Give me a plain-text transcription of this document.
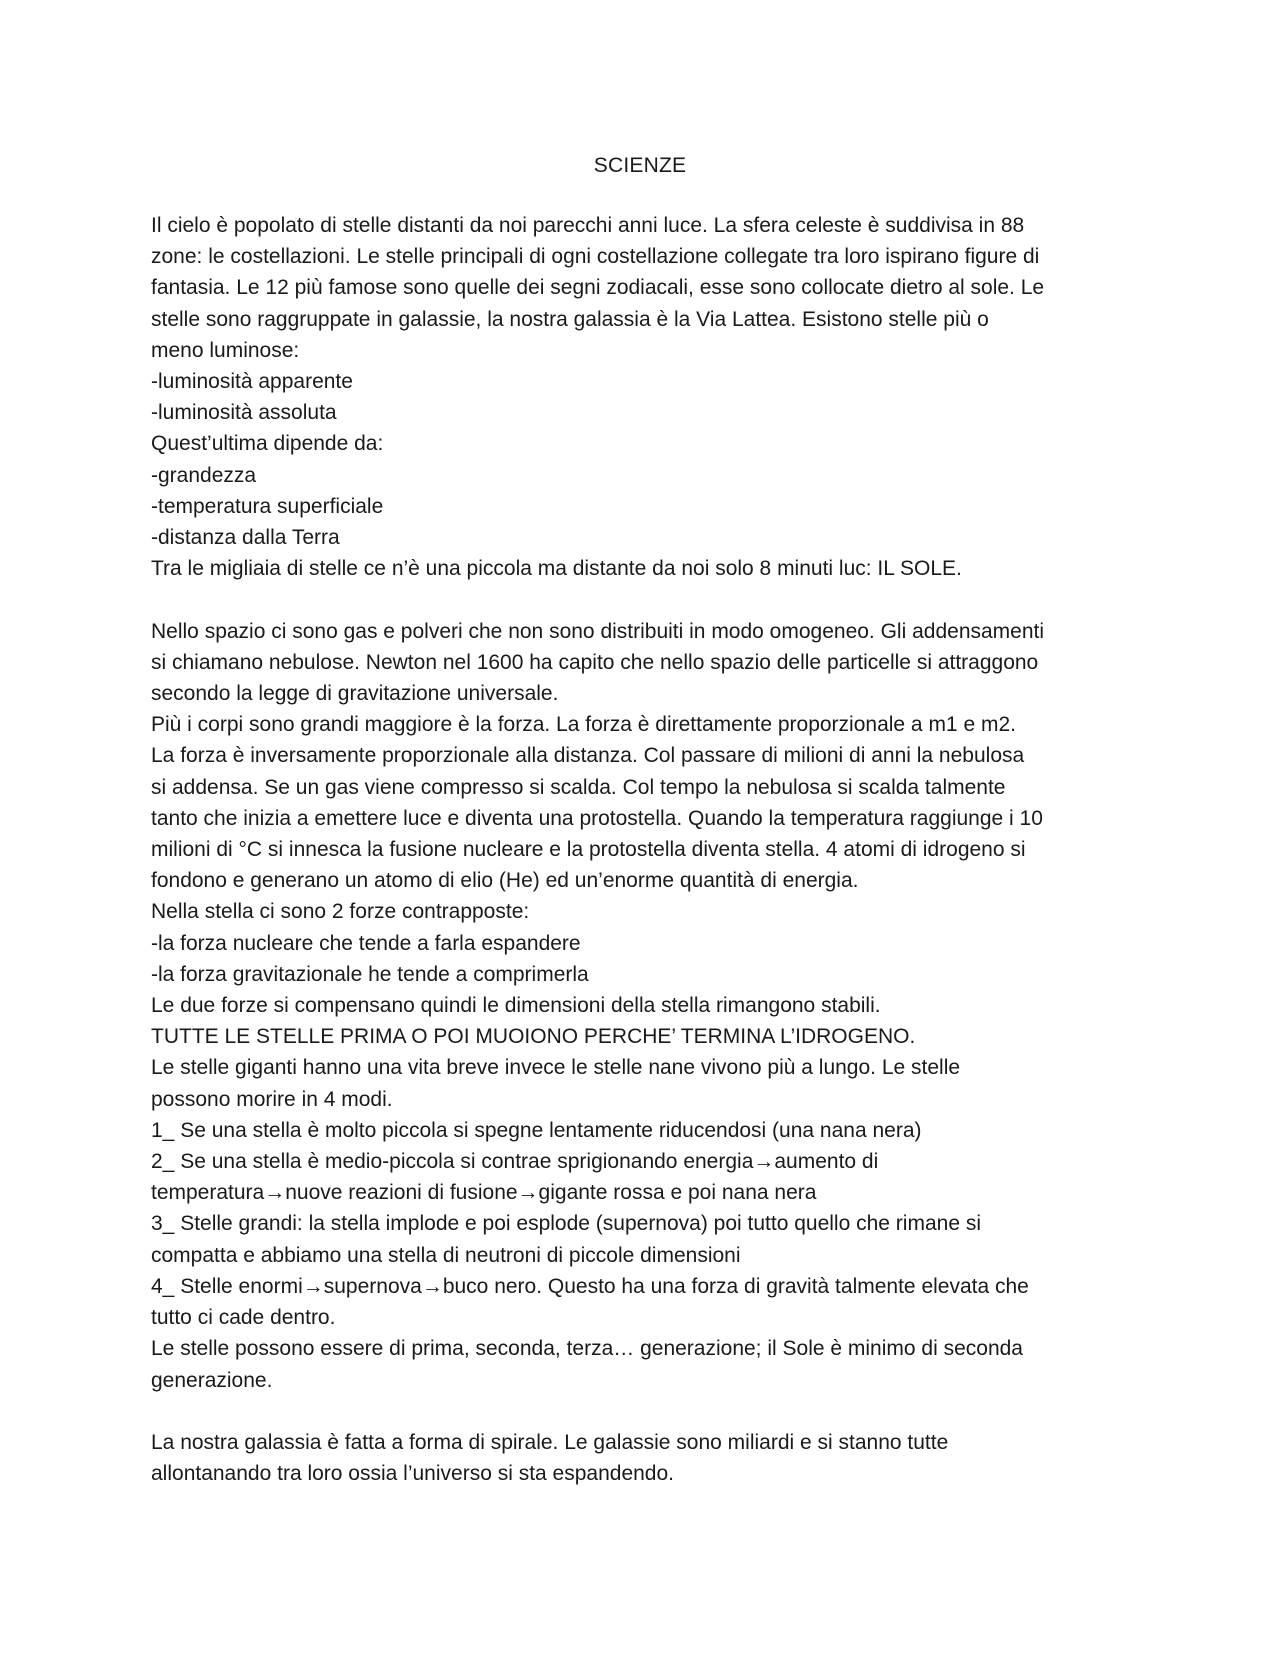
SCIENZE
Il cielo è popolato di stelle distanti da noi parecchi anni luce. La sfera celeste è suddivisa in 88
zone: le costellazioni. Le stelle principali di ogni costellazione collegate tra loro ispirano figure di
fantasia. Le 12 più famose sono quelle dei segni zodiacali, esse sono collocate dietro al sole. Le
stelle sono raggruppate in galassie, la nostra galassia è la Via Lattea. Esistono stelle più o
meno luminose:
-luminosità apparente
-luminosità assoluta
Quest’ultima dipende da:
-grandezza
-temperatura superficiale
-distanza dalla Terra
Tra le migliaia di stelle ce n’è una piccola ma distante da noi solo 8 minuti luc: IL SOLE.
Nello spazio ci sono gas e polveri che non sono distribuiti in modo omogeneo. Gli addensamenti
si chiamano nebulose. Newton nel 1600 ha capito che nello spazio delle particelle si attraggono
secondo la legge di gravitazione universale.
Più i corpi sono grandi maggiore è la forza. La forza è direttamente proporzionale a m1 e m2.
La forza è inversamente proporzionale alla distanza. Col passare di milioni di anni la nebulosa
si addensa. Se un gas viene compresso si scalda. Col tempo la nebulosa si scalda talmente
tanto che inizia a emettere luce e diventa una protostella. Quando la temperatura raggiunge i 10
milioni di °C si innesca la fusione nucleare e la protostella diventa stella. 4 atomi di idrogeno si
fondono e generano un atomo di elio (He) ed un’enorme quantità di energia.
Nella stella ci sono 2 forze contrapposte:
-la forza nucleare che tende a farla espandere
-la forza gravitazionale he tende a comprimerla
Le due forze si compensano quindi le dimensioni della stella rimangono stabili.
TUTTE LE STELLE PRIMA O POI MUOIONO PERCHE’ TERMINA L’IDROGENO.
Le stelle giganti hanno una vita breve invece le stelle nane vivono più a lungo. Le stelle
possono morire in 4 modi.
1_ Se una stella è molto piccola si spegne lentamente riducendosi (una nana nera)
2_ Se una stella è medio-piccola si contrae sprigionando energia→aumento di
temperatura→nuove reazioni di fusione→gigante rossa e poi nana nera
3_ Stelle grandi: la stella implode e poi esplode (supernova) poi tutto quello che rimane si
compatta e abbiamo una stella di neutroni di piccole dimensioni
4_ Stelle enormi→supernova→buco nero. Questo ha una forza di gravità talmente elevata che
tutto ci cade dentro.
Le stelle possono essere di prima, seconda, terza… generazione; il Sole è minimo di seconda
generazione.
La nostra galassia è fatta a forma di spirale. Le galassie sono miliardi e si stanno tutte
allontanando tra loro ossia l’universo si sta espandendo.
